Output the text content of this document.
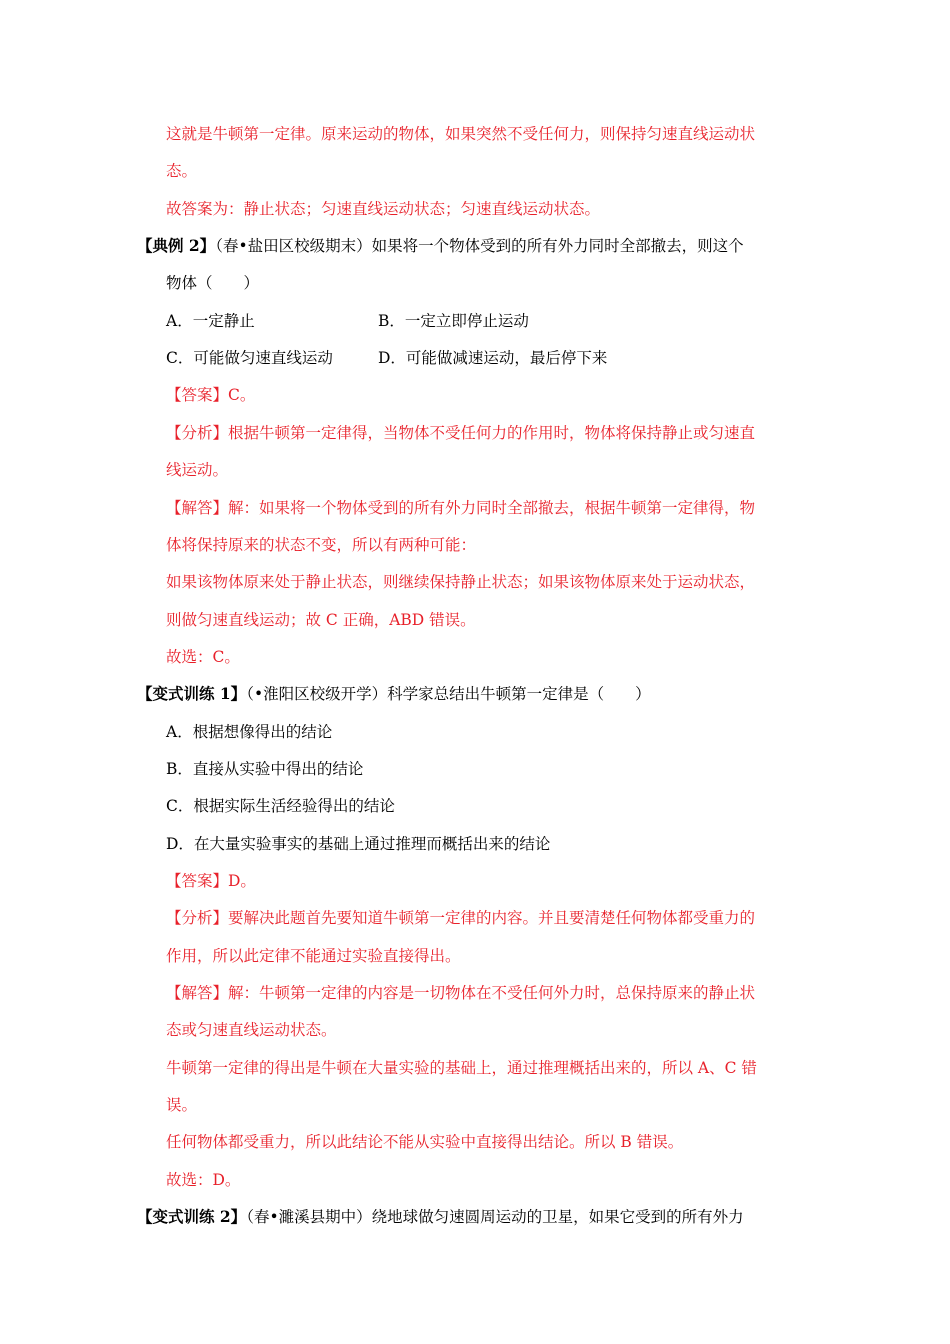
这就是牛顿第一定律。原来运动的物体，如果突然不受任何力，则保持匀速直线运动状
态。
故答案为：静止状态；匀速直线运动状态；匀速直线运动状态。
【典例 2】（春•盐田区校级期末）如果将一个物体受到的所有外力同时全部撤去，则这个
物体（　　）
A．一定静止	B．一定立即停止运动
C．可能做匀速直线运动	D．可能做减速运动，最后停下来
【答案】C。
【分析】根据牛顿第一定律得，当物体不受任何力的作用时，物体将保持静止或匀速直
线运动。
【解答】解：如果将一个物体受到的所有外力同时全部撤去，根据牛顿第一定律得，物
体将保持原来的状态不变，所以有两种可能：
如果该物体原来处于静止状态，则继续保持静止状态；如果该物体原来处于运动状态，
则做匀速直线运动；故 C 正确，ABD 错误。
故选：C。
【变式训练 1】（•淮阳区校级开学）科学家总结出牛顿第一定律是（　　）
A．根据想像得出的结论
B．直接从实验中得出的结论
C．根据实际生活经验得出的结论
D．在大量实验事实的基础上通过推理而概括出来的结论
【答案】D。
【分析】要解决此题首先要知道牛顿第一定律的内容。并且要清楚任何物体都受重力的
作用，所以此定律不能通过实验直接得出。
【解答】解：牛顿第一定律的内容是一切物体在不受任何外力时，总保持原来的静止状
态或匀速直线运动状态。
牛顿第一定律的得出是牛顿在大量实验的基础上，通过推理概括出来的，所以 A、C 错
误。
任何物体都受重力，所以此结论不能从实验中直接得出结论。所以 B 错误。
故选：D。
【变式训练 2】（春•濉溪县期中）绕地球做匀速圆周运动的卫星，如果它受到的所有外力
